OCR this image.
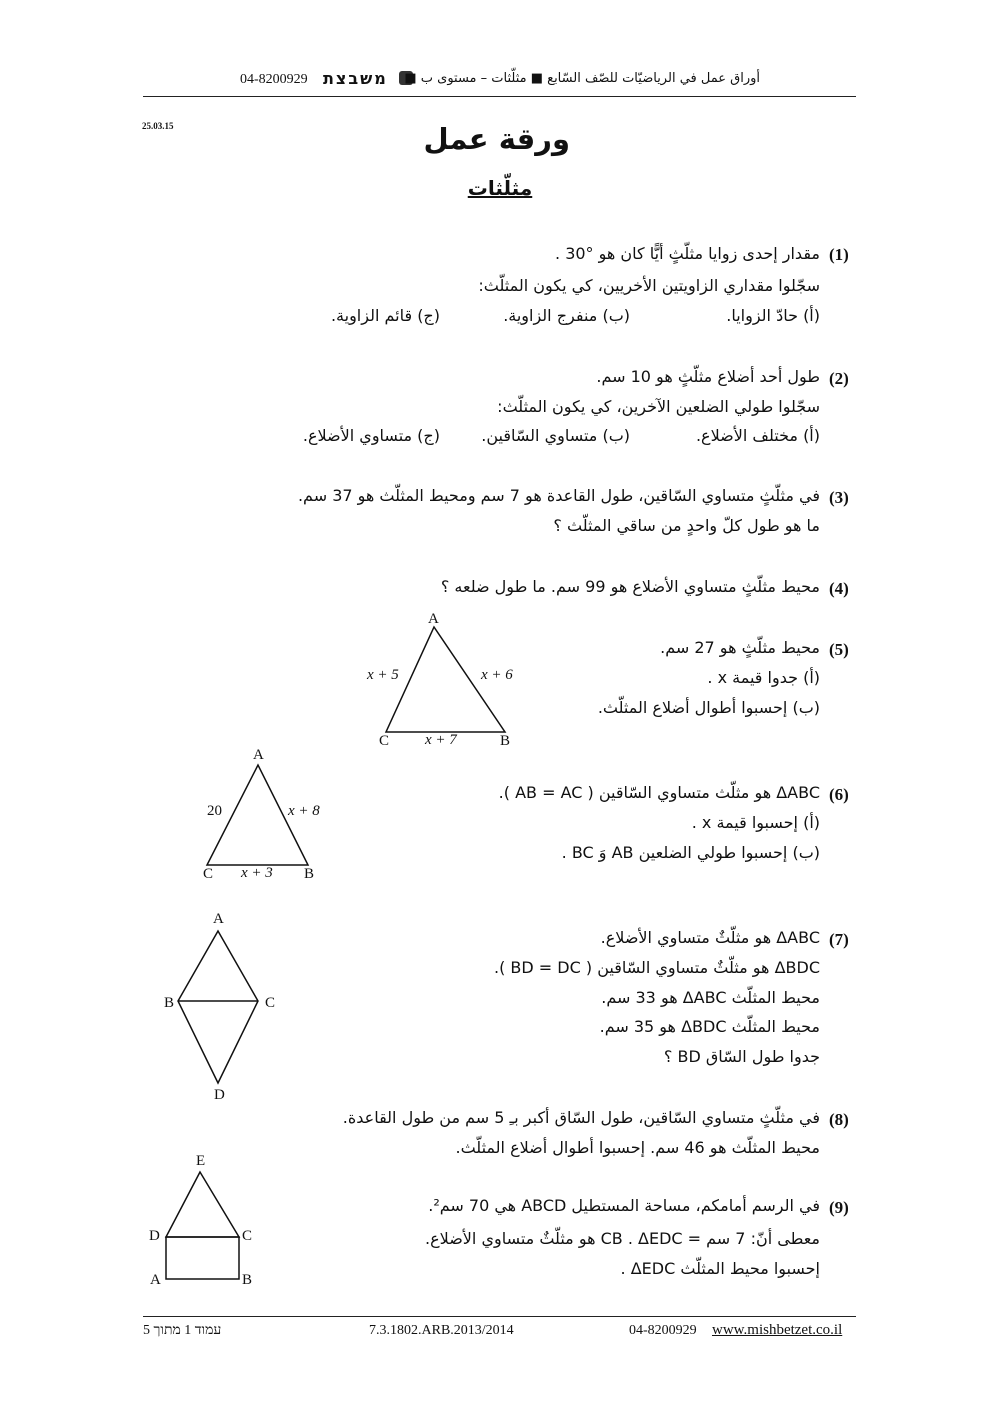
04-8200929 משבצת أوراق عمل في الرياضيّات للصّف السّابع ■ مثلّثات – مستوى ب ■
25.03.15	ورقة عمل
مثلّثات
(1)
مقدار إحدى زوايا مثلّثٍ أيًّا كان هو °30 .
سجّلوا مقداري الزاويتين الأخريين، كي يكون المثلّث:
(أ) حادّ الزوايا.
(ب) منفرج الزاوية.
(ج) قائم الزاوية.
(2)
طول أحد أضلاع مثلّثٍ هو 10 سم.
سجّلوا طولي الضلعين الآخرين، كي يكون المثلّث:
(أ) مختلف الأضلاع.
(ب) متساوي السّاقين.
(ج) متساوي الأضلاع.
(3)
في مثلّثٍ متساوي السّاقين، طول القاعدة هو 7 سم ومحيط المثلّث هو 37 سم.
ما هو طول كلّ واحدٍ من ساقي المثلّث ؟
(4)
محيط مثلّثٍ متساوي الأضلاع هو 99 سم. ما طول ضلعه ؟
(5)
محيط مثلّثٍ هو 27 سم.
(أ) جدوا قيمة x .
(ب) إحسبوا أطوال أضلاع المثلّث.
A
B
C
x + 5	x + 6
x + 7
(6)
ΔABC هو مثلّث متساوي السّاقين ( AB = AC ).
(أ) إحسبوا قيمة x .
(ب) إحسبوا طولي الضلعين AB وَ BC .
A
B
C
20	x + 8
x + 3
(7)
ΔABC هو مثلّثٌ متساوي الأضلاع.
ΔBDC هو مثلّثٌ متساوي السّاقين ( BD = DC ).
محيط المثلّث ΔABC هو 33 سم.
محيط المثلّث ΔBDC هو 35 سم.
جدوا طول السّاق BD ؟
A
B	C
D
(8)
في مثلّثٍ متساوي السّاقين، طول السّاق أكبر بـِ 5 سم من طول القاعدة.
محيط المثلّث هو 46 سم. إحسبوا أطوال أضلاع المثلّث.
(9)
في الرسم أمامكم، مساحة المستطيل ABCD هي 70 سم².
معطى أنّ: 7 سم = CB . ΔEDC هو مثلّثٌ متساوي الأضلاع.
إحسبوا محيط المثلّث ΔEDC .
E
D	C
A	B
עמוד 1 מתוך 5	7.3.1802.ARB.2013/2014	04-8200929 www.mishbetzet.co.il
